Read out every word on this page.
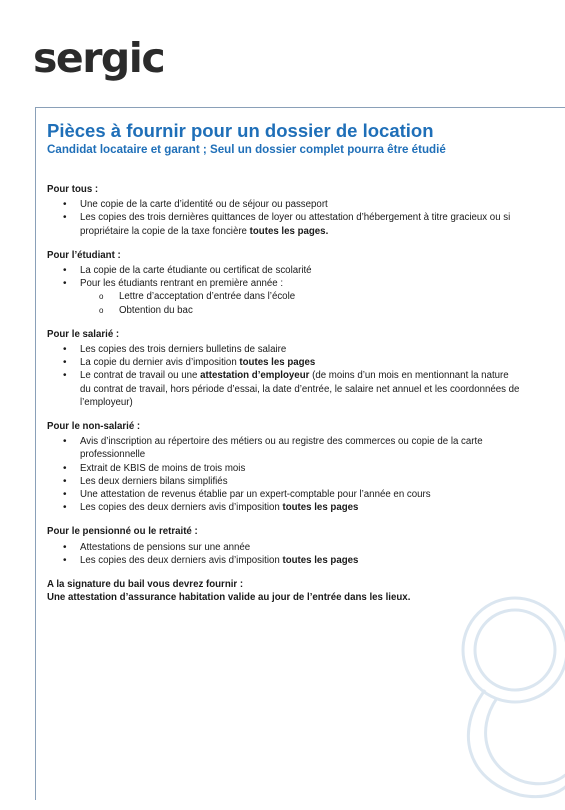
sergic
Pièces à fournir pour un dossier de location
Candidat locataire et garant ; Seul un dossier complet pourra être étudié
Pour tous :
• Une copie de la carte d’identité ou de séjour ou passeport
• Les copies des trois dernières quittances de loyer ou attestation d’hébergement à titre gracieux ou si propriétaire la copie de la taxe foncière toutes les pages.
Pour l’étudiant :
• La copie de la carte étudiante ou certificat de scolarité
• Pour les étudiants rentrant en première année :
o Lettre d’acceptation d’entrée dans l’école
o Obtention du bac
Pour le salarié :
• Les copies des trois derniers bulletins de salaire
• La copie du dernier avis d’imposition toutes les pages
• Le contrat de travail ou une attestation d’employeur (de moins d’un mois en mentionnant la nature du contrat de travail, hors période d’essai, la date d’entrée, le salaire net annuel et les coordonnées de l’employeur)
Pour le non-salarié :
• Avis d’inscription au répertoire des métiers ou au registre des commerces ou copie de la carte professionnelle
• Extrait de KBIS de moins de trois mois
• Les deux derniers bilans simplifiés
• Une attestation de revenus établie par un expert-comptable pour l’année en cours
• Les copies des deux derniers avis d’imposition toutes les pages
Pour le pensionné ou le retraité :
• Attestations de pensions sur une année
• Les copies des deux derniers avis d’imposition toutes les pages
A la signature du bail vous devrez fournir :
Une attestation d’assurance habitation valide au jour de l’entrée dans les lieux.
